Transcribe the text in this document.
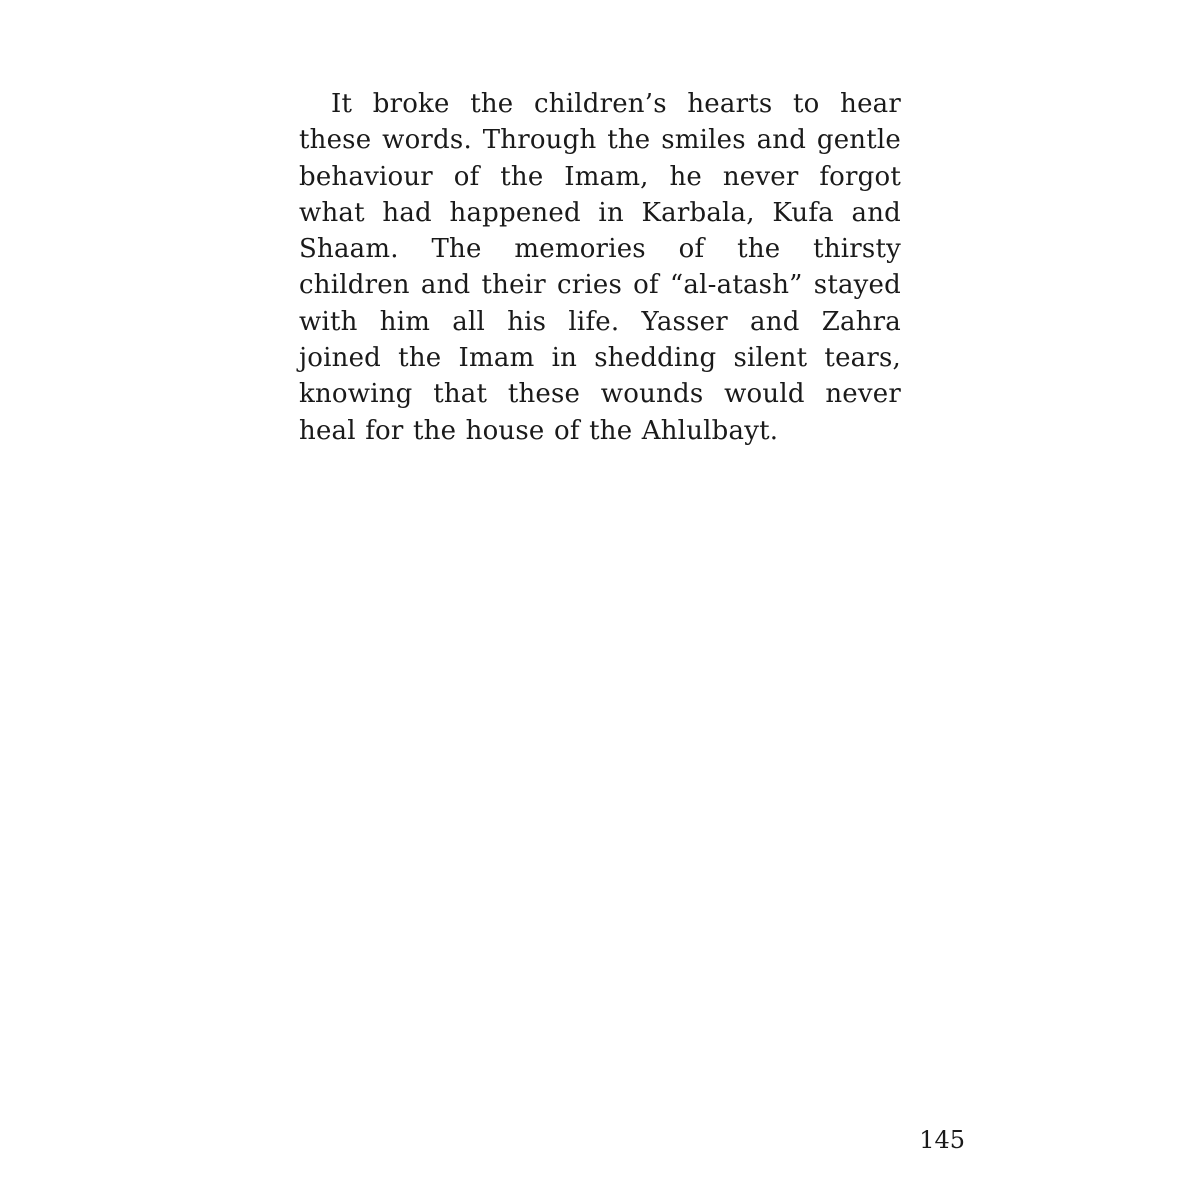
It broke the children’s hearts to hear these words. Through the smiles and gentle behaviour of the Imam, he never forgot what had happened in Karbala, Kufa and Shaam. The memories of the thirsty children and their cries of “al-atash” stayed with him all his life. Yasser and Zahra joined the Imam in shedding silent tears, knowing that these wounds would never heal for the house of the Ahlulbayt.

145
